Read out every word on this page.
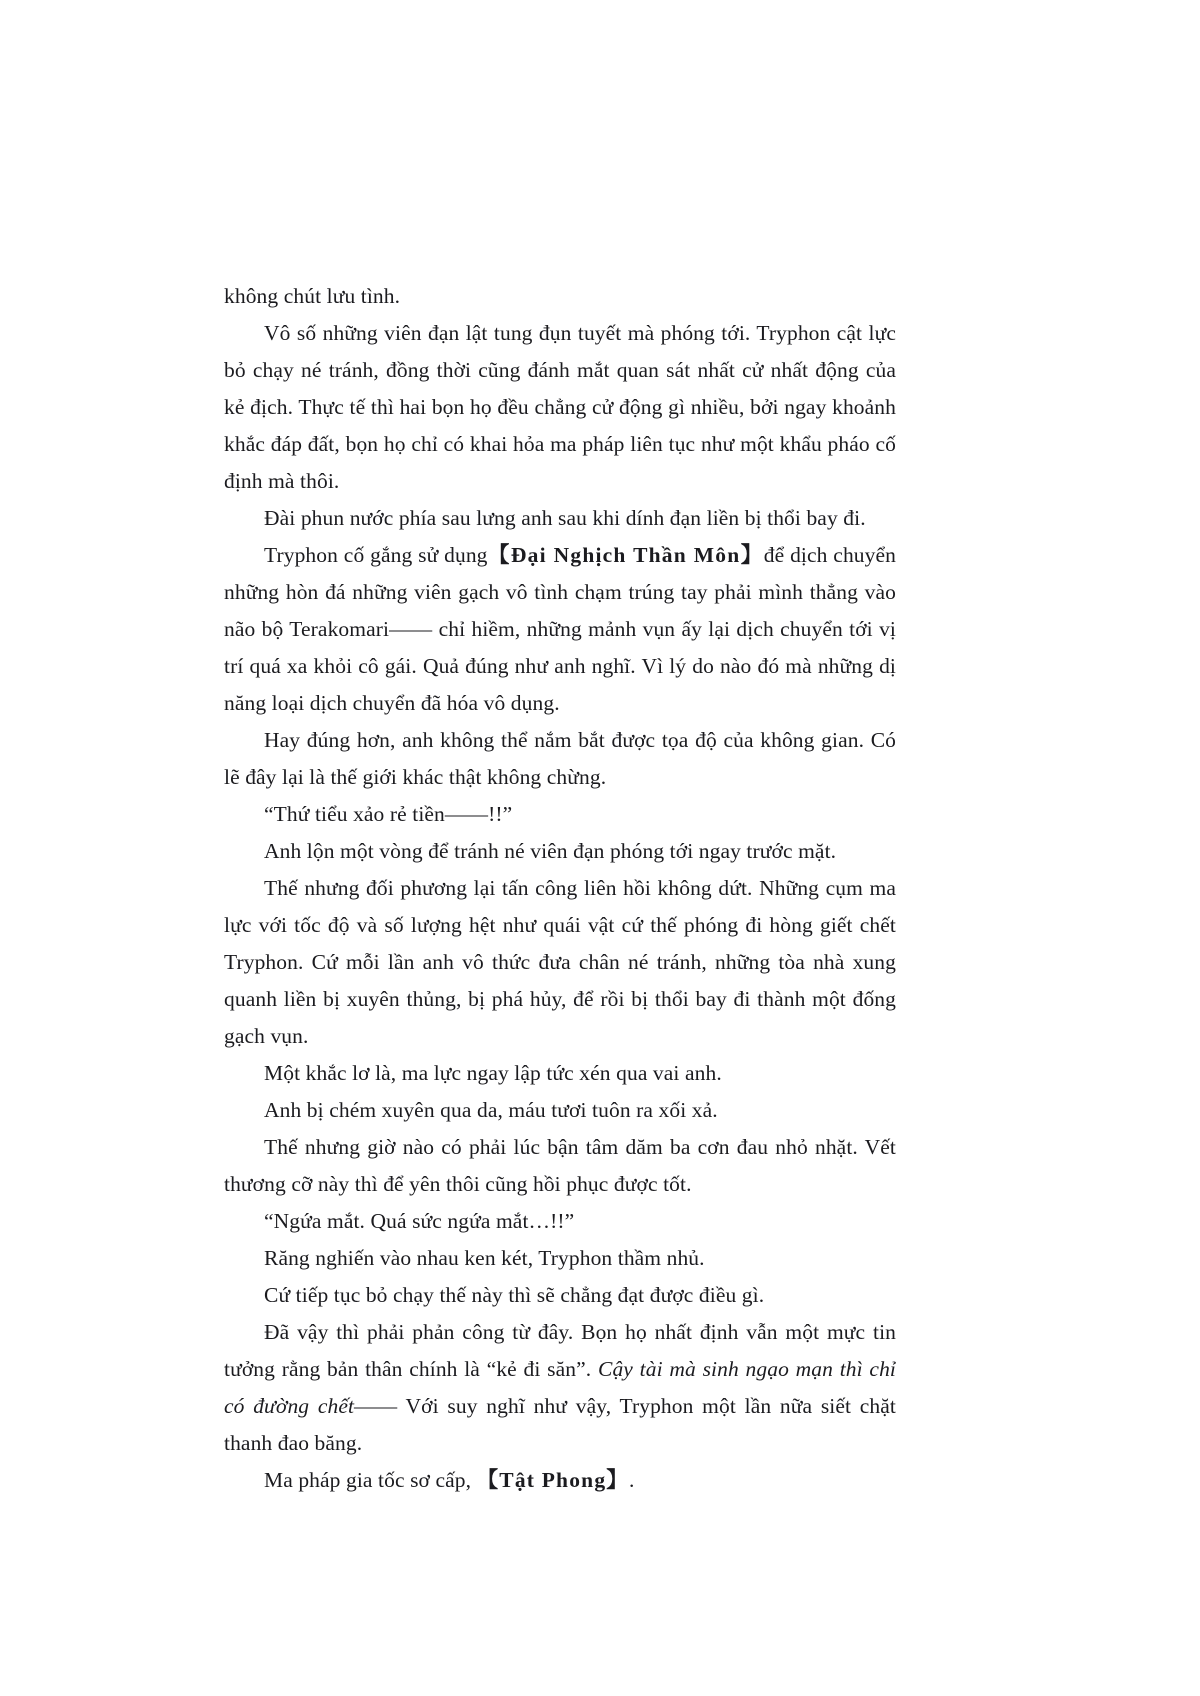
không chút lưu tình.

Vô số những viên đạn lật tung đụn tuyết mà phóng tới. Tryphon cật lực bỏ chạy né tránh, đồng thời cũng đánh mắt quan sát nhất cử nhất động của kẻ địch. Thực tế thì hai bọn họ đều chẳng cử động gì nhiều, bởi ngay khoảnh khắc đáp đất, bọn họ chỉ có khai hỏa ma pháp liên tục như một khẩu pháo cố định mà thôi.

Đài phun nước phía sau lưng anh sau khi dính đạn liền bị thổi bay đi.

Tryphon cố gắng sử dụng【Đại Nghịch Thần Môn】để dịch chuyển những hòn đá những viên gạch vô tình chạm trúng tay phải mình thẳng vào não bộ Terakomari—— chỉ hiềm, những mảnh vụn ấy lại dịch chuyển tới vị trí quá xa khỏi cô gái. Quả đúng như anh nghĩ. Vì lý do nào đó mà những dị năng loại dịch chuyển đã hóa vô dụng.

Hay đúng hơn, anh không thể nắm bắt được tọa độ của không gian. Có lẽ đây lại là thế giới khác thật không chừng.

“Thứ tiểu xảo rẻ tiền——!!”

Anh lộn một vòng để tránh né viên đạn phóng tới ngay trước mặt.

Thế nhưng đối phương lại tấn công liên hồi không dứt. Những cụm ma lực với tốc độ và số lượng hệt như quái vật cứ thế phóng đi hòng giết chết Tryphon. Cứ mỗi lần anh vô thức đưa chân né tránh, những tòa nhà xung quanh liền bị xuyên thủng, bị phá hủy, để rồi bị thổi bay đi thành một đống gạch vụn.

Một khắc lơ là, ma lực ngay lập tức xén qua vai anh.

Anh bị chém xuyên qua da, máu tươi tuôn ra xối xả.

Thế nhưng giờ nào có phải lúc bận tâm dăm ba cơn đau nhỏ nhặt. Vết thương cỡ này thì để yên thôi cũng hồi phục được tốt.

“Ngứa mắt. Quá sức ngứa mắt…!!”

Răng nghiến vào nhau ken két, Tryphon thầm nhủ.

Cứ tiếp tục bỏ chạy thế này thì sẽ chẳng đạt được điều gì.

Đã vậy thì phải phản công từ đây. Bọn họ nhất định vẫn một mực tin tưởng rằng bản thân chính là “kẻ đi săn”. Cậy tài mà sinh ngạo mạn thì chỉ có đường chết—— Với suy nghĩ như vậy, Tryphon một lần nữa siết chặt thanh đao băng.

Ma pháp gia tốc sơ cấp, 【Tật Phong】.
